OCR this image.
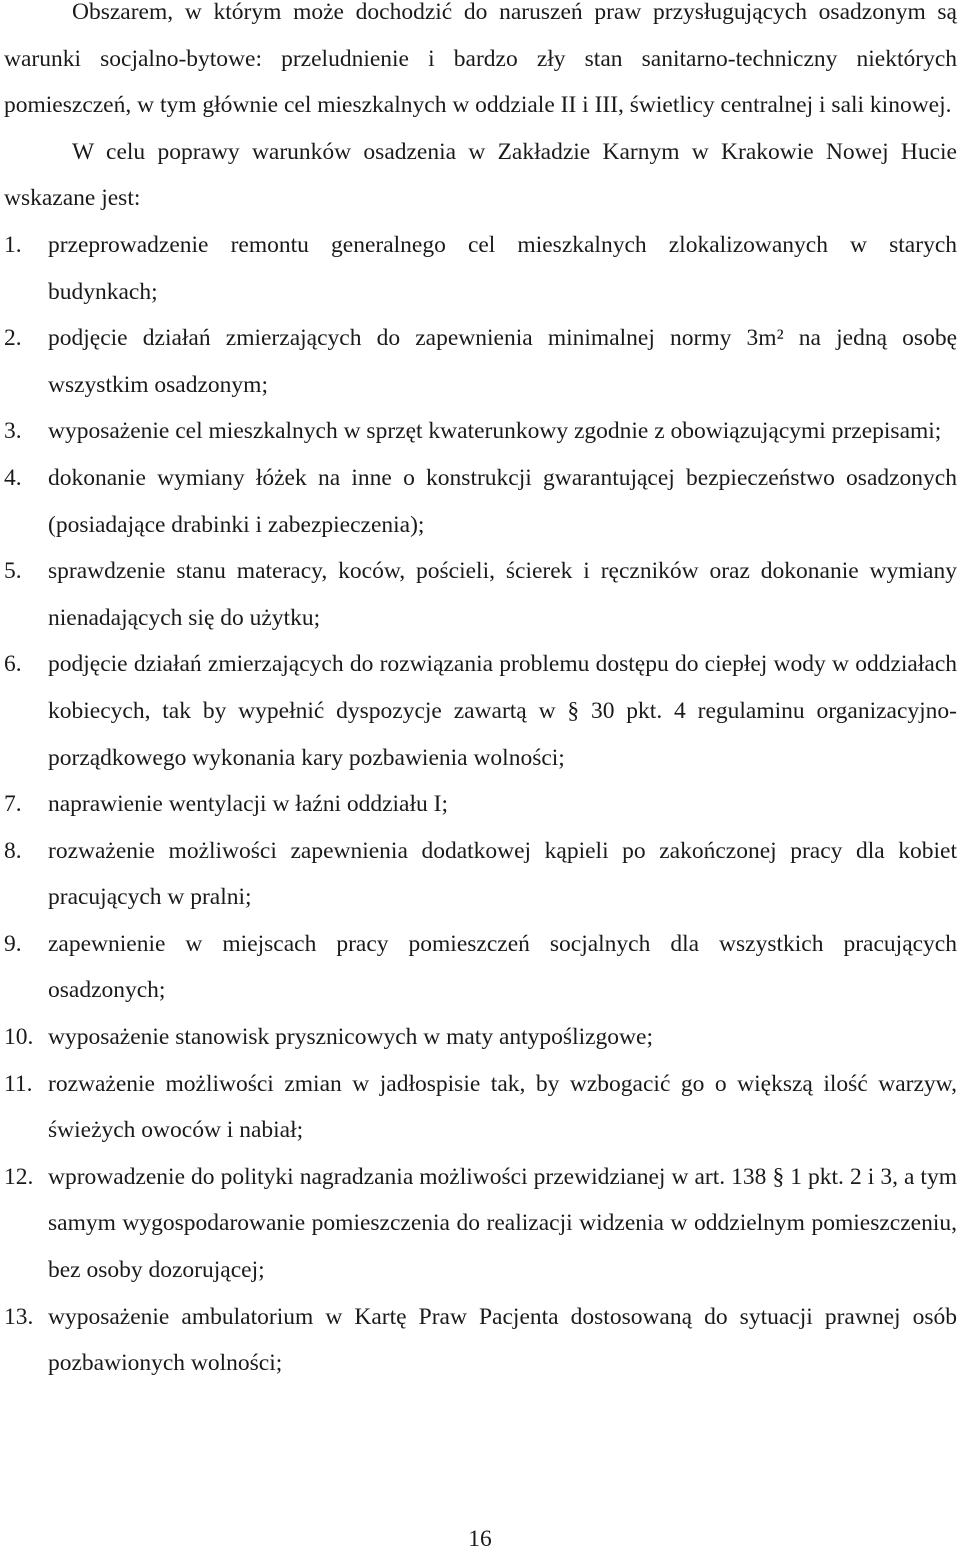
Obszarem, w którym może dochodzić do naruszeń praw przysługujących osadzonym są warunki socjalno-bytowe: przeludnienie i bardzo zły stan sanitarno-techniczny niektórych pomieszczeń, w tym głównie cel mieszkalnych w oddziale II i III, świetlicy centralnej i sali kinowej.

W celu poprawy warunków osadzenia w Zakładzie Karnym w Krakowie Nowej Hucie wskazane jest:

1.	przeprowadzenie remontu generalnego cel mieszkalnych zlokalizowanych w starych budynkach;
2.	podjęcie działań zmierzających do zapewnienia minimalnej normy 3m² na jedną osobę wszystkim osadzonym;
3.	wyposażenie cel mieszkalnych w sprzęt kwaterunkowy zgodnie z obowiązującymi przepisami;
4.	dokonanie wymiany łóżek na inne o konstrukcji gwarantującej bezpieczeństwo osadzonych (posiadające drabinki i zabezpieczenia);
5.	sprawdzenie stanu materacy, koców, pościeli, ścierek i ręczników oraz dokonanie wymiany nienadających się do użytku;
6.	podjęcie działań zmierzających do rozwiązania problemu dostępu do ciepłej wody w oddziałach kobiecych, tak by wypełnić dyspozycje zawartą w § 30 pkt. 4 regulaminu organizacyjno-porządkowego wykonania kary pozbawienia wolności;
7.	naprawienie wentylacji w łaźni oddziału I;
8.	rozważenie możliwości zapewnienia dodatkowej kąpieli po zakończonej pracy dla kobiet pracujących w pralni;
9.	zapewnienie w miejscach pracy pomieszczeń socjalnych dla wszystkich pracujących osadzonych;
10. wyposażenie stanowisk prysznicowych w maty antypoślizgowe;
11. rozważenie możliwości zmian w jadłospisie tak, by wzbogacić go o większą ilość warzyw, świeżych owoców i nabiał;
12. wprowadzenie do polityki nagradzania możliwości przewidzianej w art. 138 § 1 pkt. 2 i 3, a tym samym wygospodarowanie pomieszczenia do realizacji widzenia w oddzielnym pomieszczeniu, bez osoby dozorującej;
13. wyposażenie ambulatorium w Kartę Praw Pacjenta dostosowaną do sytuacji prawnej osób pozbawionych wolności;
16
